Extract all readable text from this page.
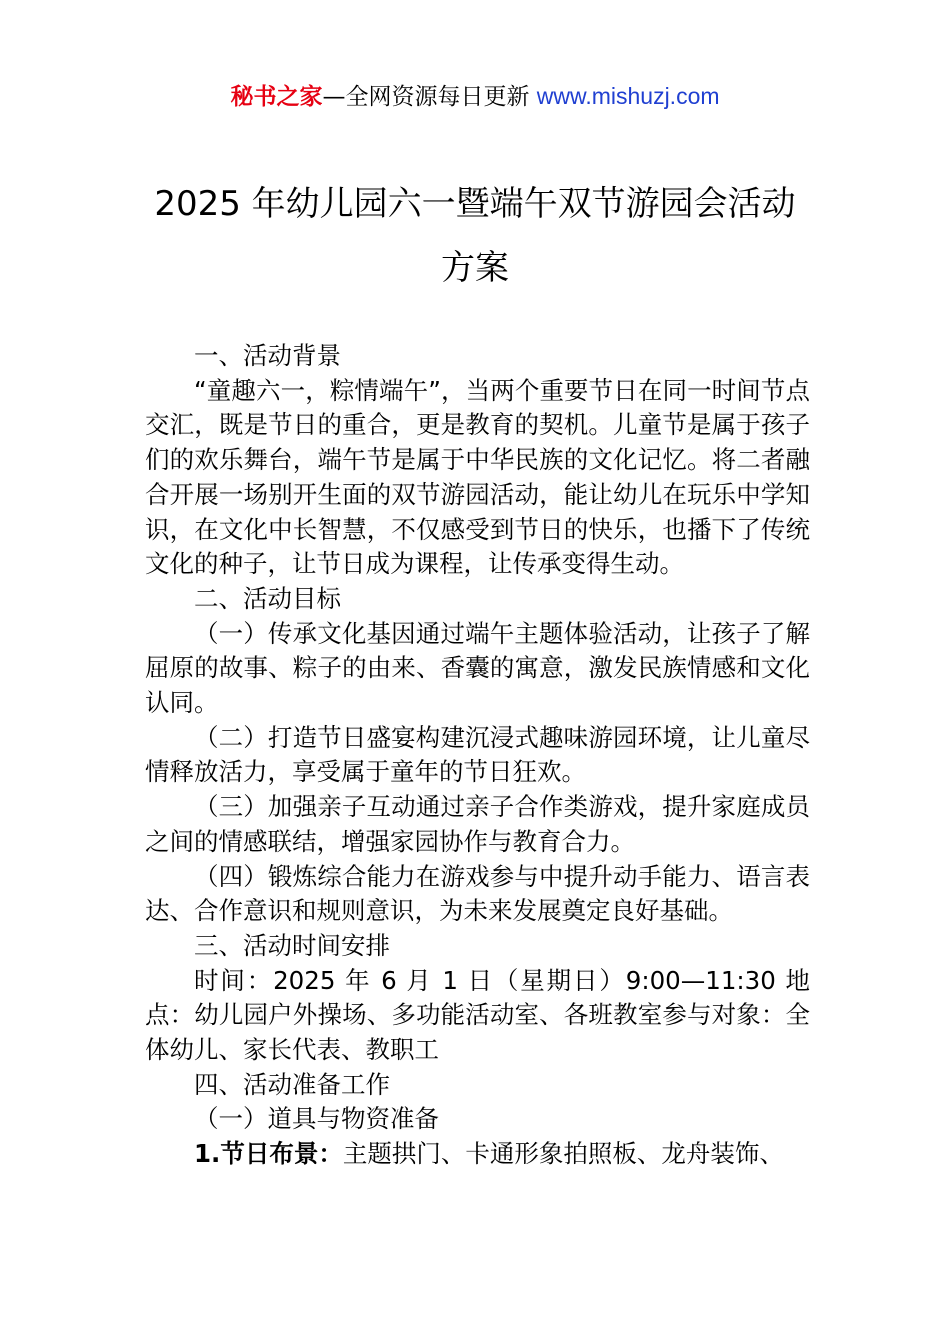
秘书之家—全网资源每日更新 www.mishuzj.com
2025 年幼儿园六一暨端午双节游园会活动
方案

一、活动背景

“童趣六一，粽情端午”，当两个重要节日在同一时间节点交汇，既是节日的重合，更是教育的契机。儿童节是属于孩子们的欢乐舞台，端午节是属于中华民族的文化记忆。将二者融合开展一场别开生面的双节游园活动，能让幼儿在玩乐中学知识，在文化中长智慧，不仅感受到节日的快乐，也播下了传统文化的种子，让节日成为课程，让传承变得生动。

二、活动目标

（一）传承文化基因通过端午主题体验活动，让孩子了解屈原的故事、粽子的由来、香囊的寓意，激发民族情感和文化认同。

（二）打造节日盛宴构建沉浸式趣味游园环境，让儿童尽情释放活力，享受属于童年的节日狂欢。

（三）加强亲子互动通过亲子合作类游戏，提升家庭成员之间的情感联结，增强家园协作与教育合力。

（四）锻炼综合能力在游戏参与中提升动手能力、语言表达、合作意识和规则意识，为未来发展奠定良好基础。

三、活动时间安排

时间：2025 年 6 月 1 日（星期日）9:00—11:30 地点：幼儿园户外操场、多功能活动室、各班教室参与对象：全体幼儿、家长代表、教职工

四、活动准备工作

（一）道具与物资准备

1.节日布景：主题拱门、卡通形象拍照板、龙舟装饰、
